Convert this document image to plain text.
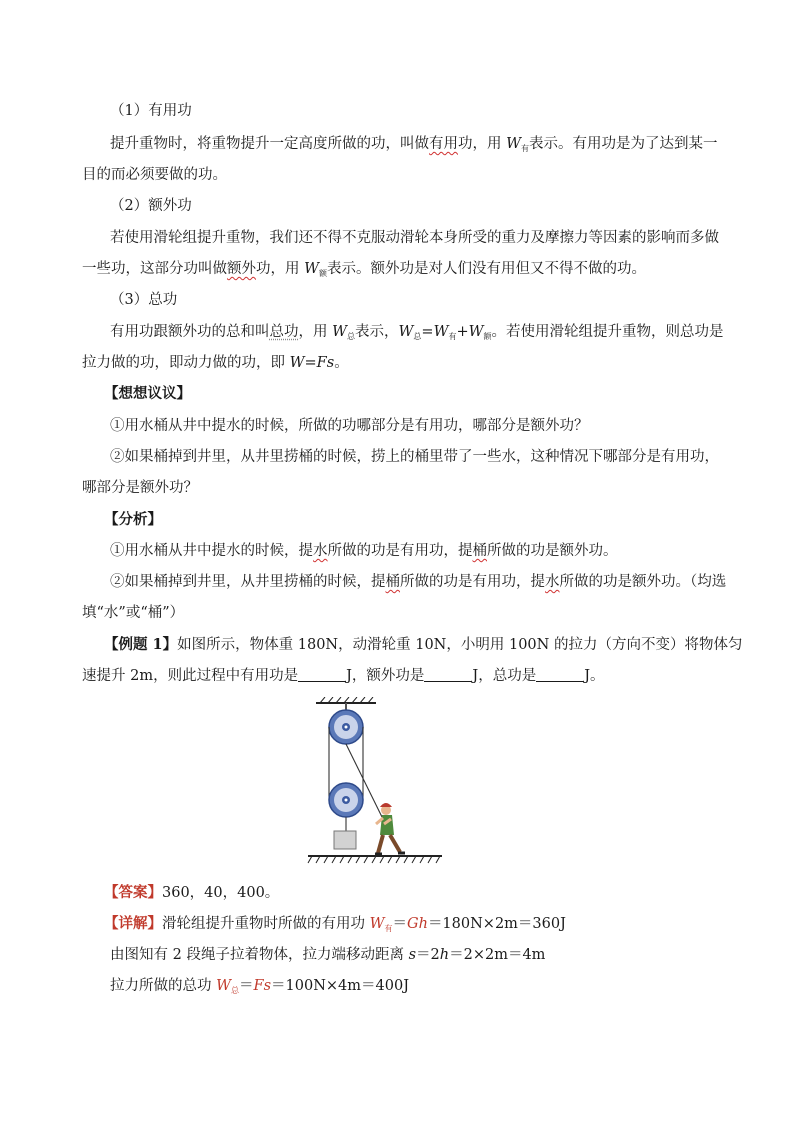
（1）有用功
提升重物时，将重物提升一定高度所做的功，叫做有用功，用 $W_有$表示。有用功是为了达到某一
目的而必须要做的功。
（2）额外功
若使用滑轮组提升重物，我们还不得不克服动滑轮本身所受的重力及摩擦力等因素的影响而多做
一些功，这部分功叫做额外功，用 $W_额$表示。额外功是对人们没有用但又不得不做的功。
（3）总功
有用功跟额外功的总和叫总功，用 $W_总$表示，$W_总=W_有+W_额$。若使用滑轮组提升重物，则总功是
拉力做的功，即动力做的功，即 W=Fs。
【想想议议】
①用水桶从井中提水的时候，所做的功哪部分是有用功，哪部分是额外功？
②如果桶掉到井里，从井里捞桶的时候，捞上的桶里带了一些水，这种情况下哪部分是有用功，
哪部分是额外功？
【分析】
①用水桶从井中提水的时候，提水所做的功是有用功，提桶所做的功是额外功。
②如果桶掉到井里，从井里捞桶的时候，提桶所做的功是有用功，提水所做的功是额外功。（均选
填“水”或“桶”）
【例题 1】如图所示，物体重 180N，动滑轮重 10N，小明用 100N 的拉力（方向不变）将物体匀
速提升 2m，则此过程中有用功是	J，额外功是	J，总功是	J。
【答案】360，40，400。
【详解】滑轮组提升重物时所做的有用功 $W_有=Gh=180N\times 2m=360J$
由图知有 2 段绳子拉着物体，拉力端移动距离 s＝2h＝2×2m＝4m
拉力所做的总功 $W_总=Fs=100N\times 4m=400J$
